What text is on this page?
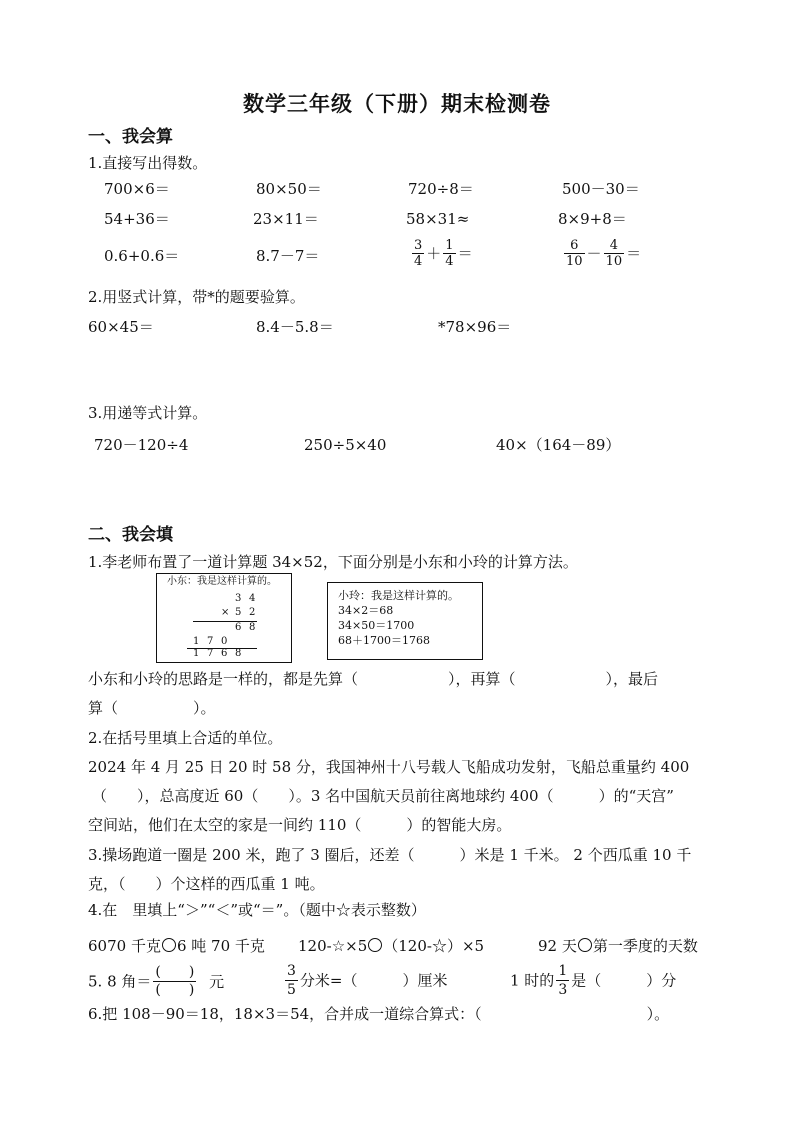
数学三年级（下册）期末检测卷
一、我会算
1.直接写出得数。
700×6＝	80×50＝	720÷8＝	500－30＝
54+36＝	23×11＝	58×31≈	8×9+8＝
0.6+0.6＝	8.7－7＝	$\frac{3}{4} + \frac{1}{4}$ ＝	$\frac{6}{10} - \frac{4}{10}$ ＝
2.用竖式计算，带*的题要验算。
60×45＝	8.4－5.8＝	*78×96＝
3.用递等式计算。
720－120÷4	250÷5×40	40×（164－89）
二、我会填
1.李老师布置了一道计算题 34×52，下面分别是小东和小玲的计算方法。
小东：我是这样计算的。
3 4
× 5 2
6 8
1 7 0
1 7 6 8
小玲：我是这样计算的。
34×2＝68
34×50＝1700
68＋1700＝1768
小东和小玲的思路是一样的，都是先算（　　　　　　），再算（　　　　　　），最后
算（　　　　　）。
2.在括号里填上合适的单位。
2024 年 4 月 25 日 20 时 58 分，我国神州十八号载人飞船成功发射，飞船总重量约 400
（　　），总高度近 60（　　）。3 名中国航天员前往离地球约 400（　　　）的“天宫”
空间站，他们在太空的家是一间约 110（　　　）的智能大房。
3.操场跑道一圈是 200 米，跑了 3 圈后，还差（　　　）米是 1 千米。 2 个西瓜重 10 千
克，（　　）个这样的西瓜重 1 吨。
4.在　里填上“＞”“＜”或“＝”。（题中☆表示整数）
6070 千克 6 吨 70 千克 120-☆×5 （120-☆）×5	92 天 第一季度的天数
5. 8 角＝ $\frac{( )}{( )}$ 元	$\frac{3}{5}$ 分米=（　　　）厘米	1 时的 $\frac{1}{3}$ 是（　　　）分
6.把 108－90＝18，18×3＝54，合并成一道综合算式：（　　　　　　　　　　　）。
